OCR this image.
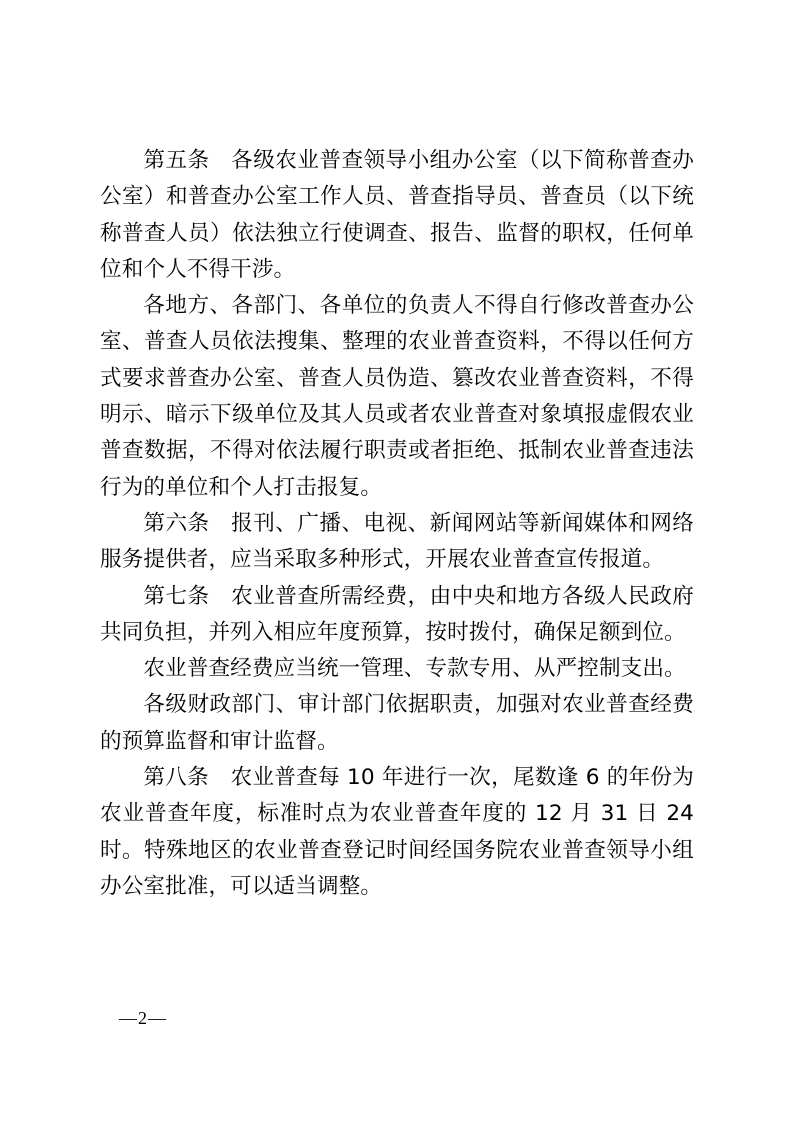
第五条 各级农业普查领导小组办公室（以下简称普查办公室）和普查办公室工作人员、普查指导员、普查员（以下统称普查人员）依法独立行使调查、报告、监督的职权，任何单位和个人不得干涉。

各地方、各部门、各单位的负责人不得自行修改普查办公室、普查人员依法搜集、整理的农业普查资料，不得以任何方式要求普查办公室、普查人员伪造、篡改农业普查资料，不得明示、暗示下级单位及其人员或者农业普查对象填报虚假农业普查数据，不得对依法履行职责或者拒绝、抵制农业普查违法行为的单位和个人打击报复。

第六条 报刊、广播、电视、新闻网站等新闻媒体和网络服务提供者，应当采取多种形式，开展农业普查宣传报道。

第七条 农业普查所需经费，由中央和地方各级人民政府共同负担，并列入相应年度预算，按时拨付，确保足额到位。

农业普查经费应当统一管理、专款专用、从严控制支出。

各级财政部门、审计部门依据职责，加强对农业普查经费的预算监督和审计监督。

第八条 农业普查每 10 年进行一次，尾数逢 6 的年份为农业普查年度，标准时点为农业普查年度的 12 月 31 日 24 时。特殊地区的农业普查登记时间经国务院农业普查领导小组办公室批准，可以适当调整。

—2—
